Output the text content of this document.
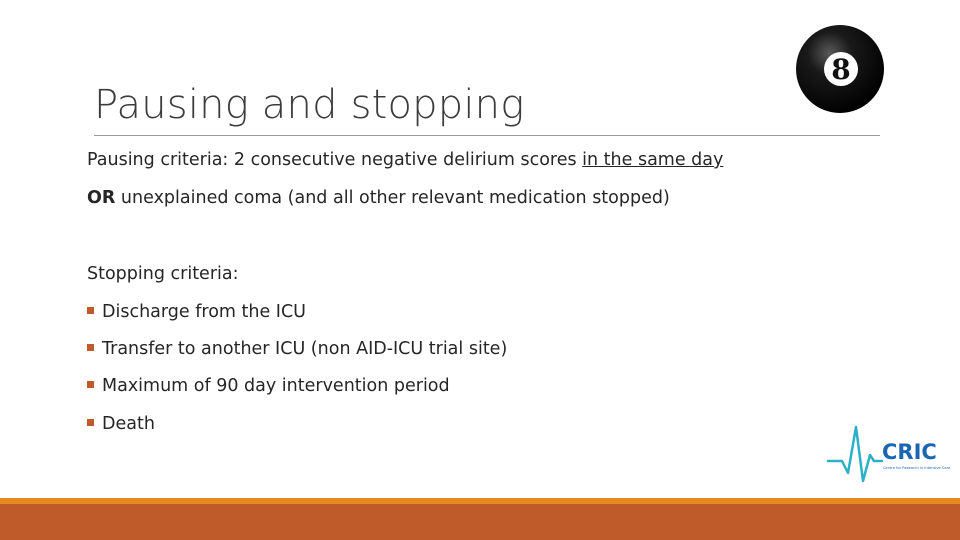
Pausing and stopping
8
Pausing criteria: 2 consecutive negative delirium scores in the same day
OR unexplained coma (and all other relevant medication stopped)
Stopping criteria:
Discharge from the ICU
Transfer to another ICU (non AID-ICU trial site)
Maximum of 90 day intervention period
Death
CRIC
Centre for Research in Intensive Care
